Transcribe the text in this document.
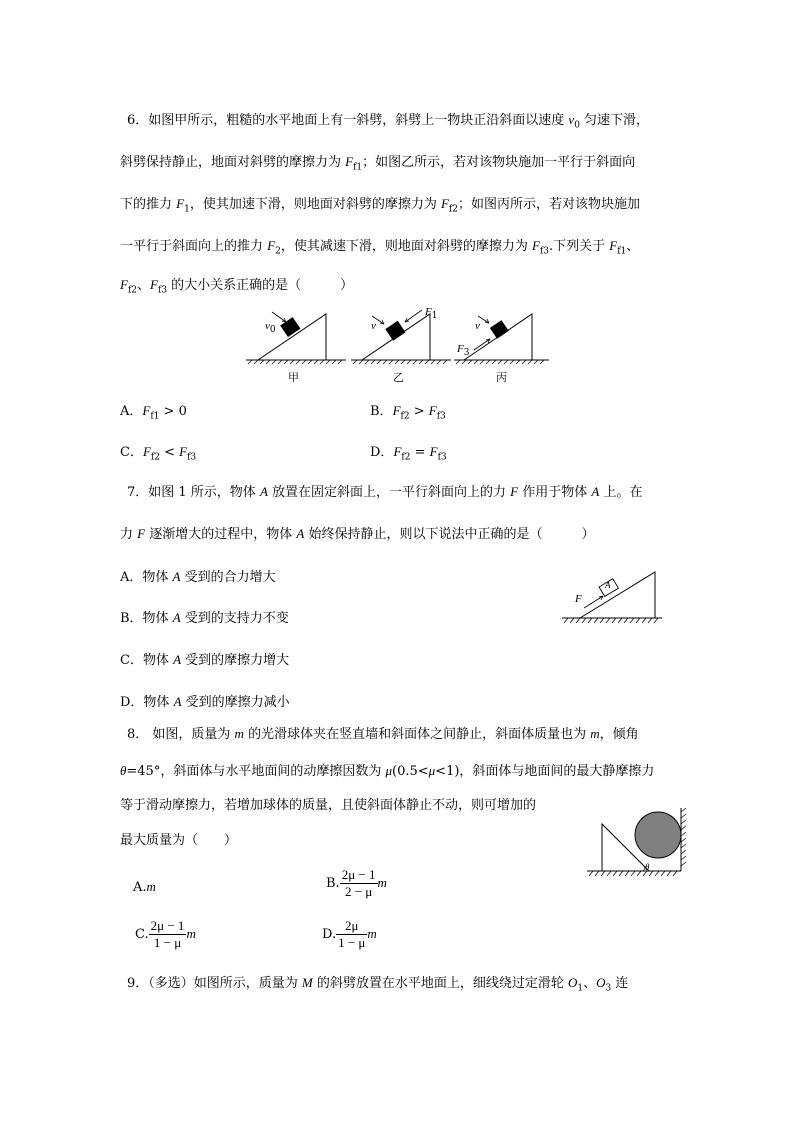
6．如图甲所示，粗糙的水平地面上有一斜劈，斜劈上一物块正沿斜面以速度 $v_0$ 匀速下滑，
斜劈保持静止，地面对斜劈的摩擦力为 $F_{f1}$；如图乙所示，若对该物块施加一平行于斜面向
下的推力 $F_1$，使其加速下滑，则地面对斜劈的摩擦力为 $F_{f2}$；如图丙所示，若对该物块施加
一平行于斜面向上的推力 $F_2$，使其减速下滑，则地面对斜劈的摩擦力为 $F_{f3}$.下列关于 $F_{f1}$、
$F_{f2}$、$F_{f3}$ 的大小关系正确的是（　　　）
$v_0$	v
$F_1$
v
$F_3$
甲	乙	丙
A．$F_{f1} > 0$	B．$F_{f2} > F_{f3}$
C．$F_{f2} < F_{f3}$	D．$F_{f2} = F_{f3}$
7．如图 1 所示，物体 A 放置在固定斜面上，一平行斜面向上的力 F 作用于物体 A 上。在
力 F 逐渐增大的过程中，物体 A 始终保持静止，则以下说法中正确的是（　　　）
A．物体 A 受到的合力增大
B．物体 A 受到的支持力不变
C．物体 A 受到的摩擦力增大
D．物体 A 受到的摩擦力减小
F
A
8． 如图，质量为 m 的光滑球体夹在竖直墙和斜面体之间静止，斜面体质量也为 m，倾角
θ=45°，斜面体与水平地面间的动摩擦因数为 μ(0.5<μ<1)，斜面体与地面间的最大静摩擦力
等于滑动摩擦力，若增加球体的质量，且使斜面体静止不动，则可增加的
最大质量为（　　）
A.m	B. $\frac{2\mu - 1}{2 - \mu}$ m
C. $\frac{2\mu - 1}{1 - \mu}$ m	D. $\frac{2\mu}{1 - \mu}$ m
θ
9．（多选）如图所示，质量为 M 的斜劈放置在水平地面上，细线绕过定滑轮 $O_1$、$O_3$ 连
